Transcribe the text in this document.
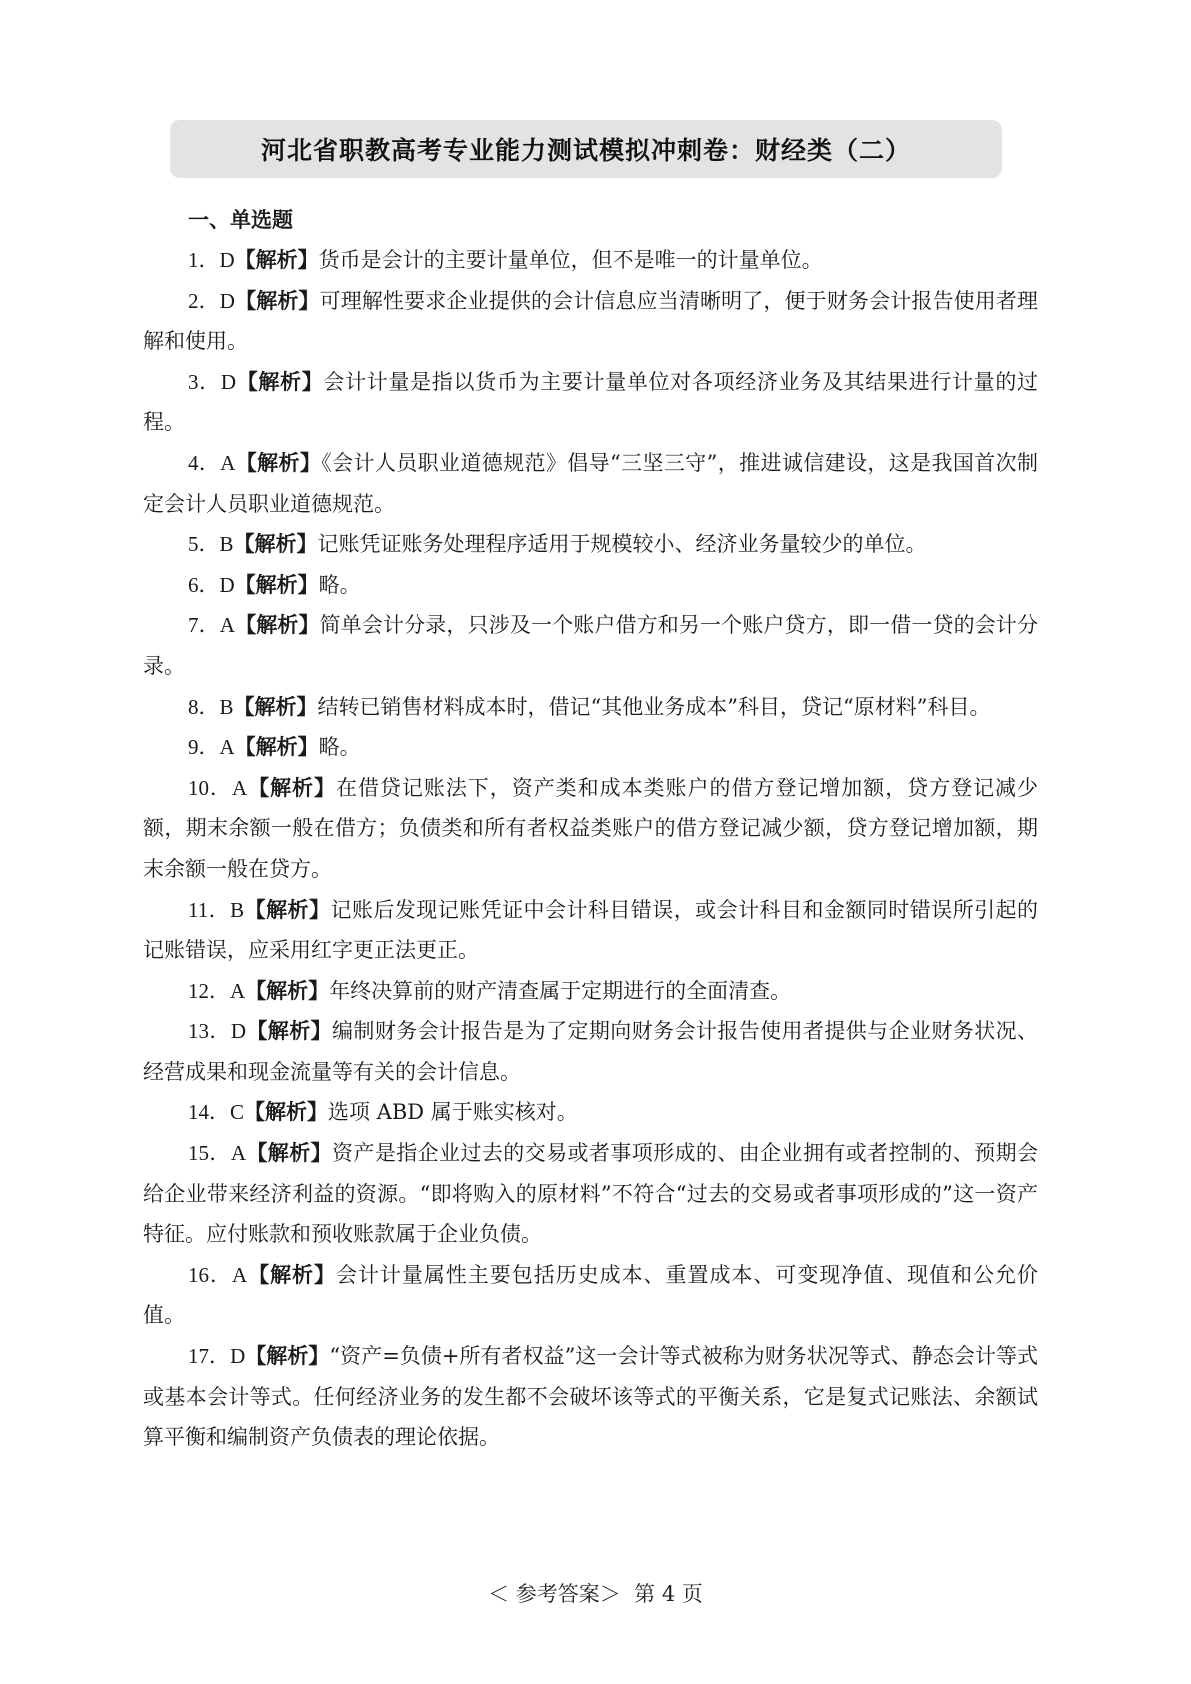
河北省职教高考专业能力测试模拟冲刺卷：财经类（二）
一、单选题
1．D【解析】货币是会计的主要计量单位，但不是唯一的计量单位。
2．D【解析】可理解性要求企业提供的会计信息应当清晰明了，便于财务会计报告使用者理解和使用。
3．D【解析】会计计量是指以货币为主要计量单位对各项经济业务及其结果进行计量的过程。
4．A【解析】《会计人员职业道德规范》倡导“三坚三守”，推进诚信建设，这是我国首次制定会计人员职业道德规范。
5．B【解析】记账凭证账务处理程序适用于规模较小、经济业务量较少的单位。
6．D【解析】略。
7．A【解析】简单会计分录，只涉及一个账户借方和另一个账户贷方，即一借一贷的会计分录。
8．B【解析】结转已销售材料成本时，借记“其他业务成本”科目，贷记“原材料”科目。
9．A【解析】略。
10．A【解析】在借贷记账法下，资产类和成本类账户的借方登记增加额，贷方登记减少额，期末余额一般在借方；负债类和所有者权益类账户的借方登记减少额，贷方登记增加额，期末余额一般在贷方。
11．B【解析】记账后发现记账凭证中会计科目错误，或会计科目和金额同时错误所引起的记账错误，应采用红字更正法更正。
12．A【解析】年终决算前的财产清查属于定期进行的全面清查。
13．D【解析】编制财务会计报告是为了定期向财务会计报告使用者提供与企业财务状况、经营成果和现金流量等有关的会计信息。
14．C【解析】选项 ABD 属于账实核对。
15．A【解析】资产是指企业过去的交易或者事项形成的、由企业拥有或者控制的、预期会给企业带来经济利益的资源。“即将购入的原材料”不符合“过去的交易或者事项形成的”这一资产特征。应付账款和预收账款属于企业负债。
16．A【解析】会计计量属性主要包括历史成本、重置成本、可变现净值、现值和公允价值。
17．D【解析】“资产=负债+所有者权益”这一会计等式被称为财务状况等式、静态会计等式或基本会计等式。任何经济业务的发生都不会破坏该等式的平衡关系，它是复式记账法、余额试算平衡和编制资产负债表的理论依据。
＜ 参考答案＞  第 4 页
